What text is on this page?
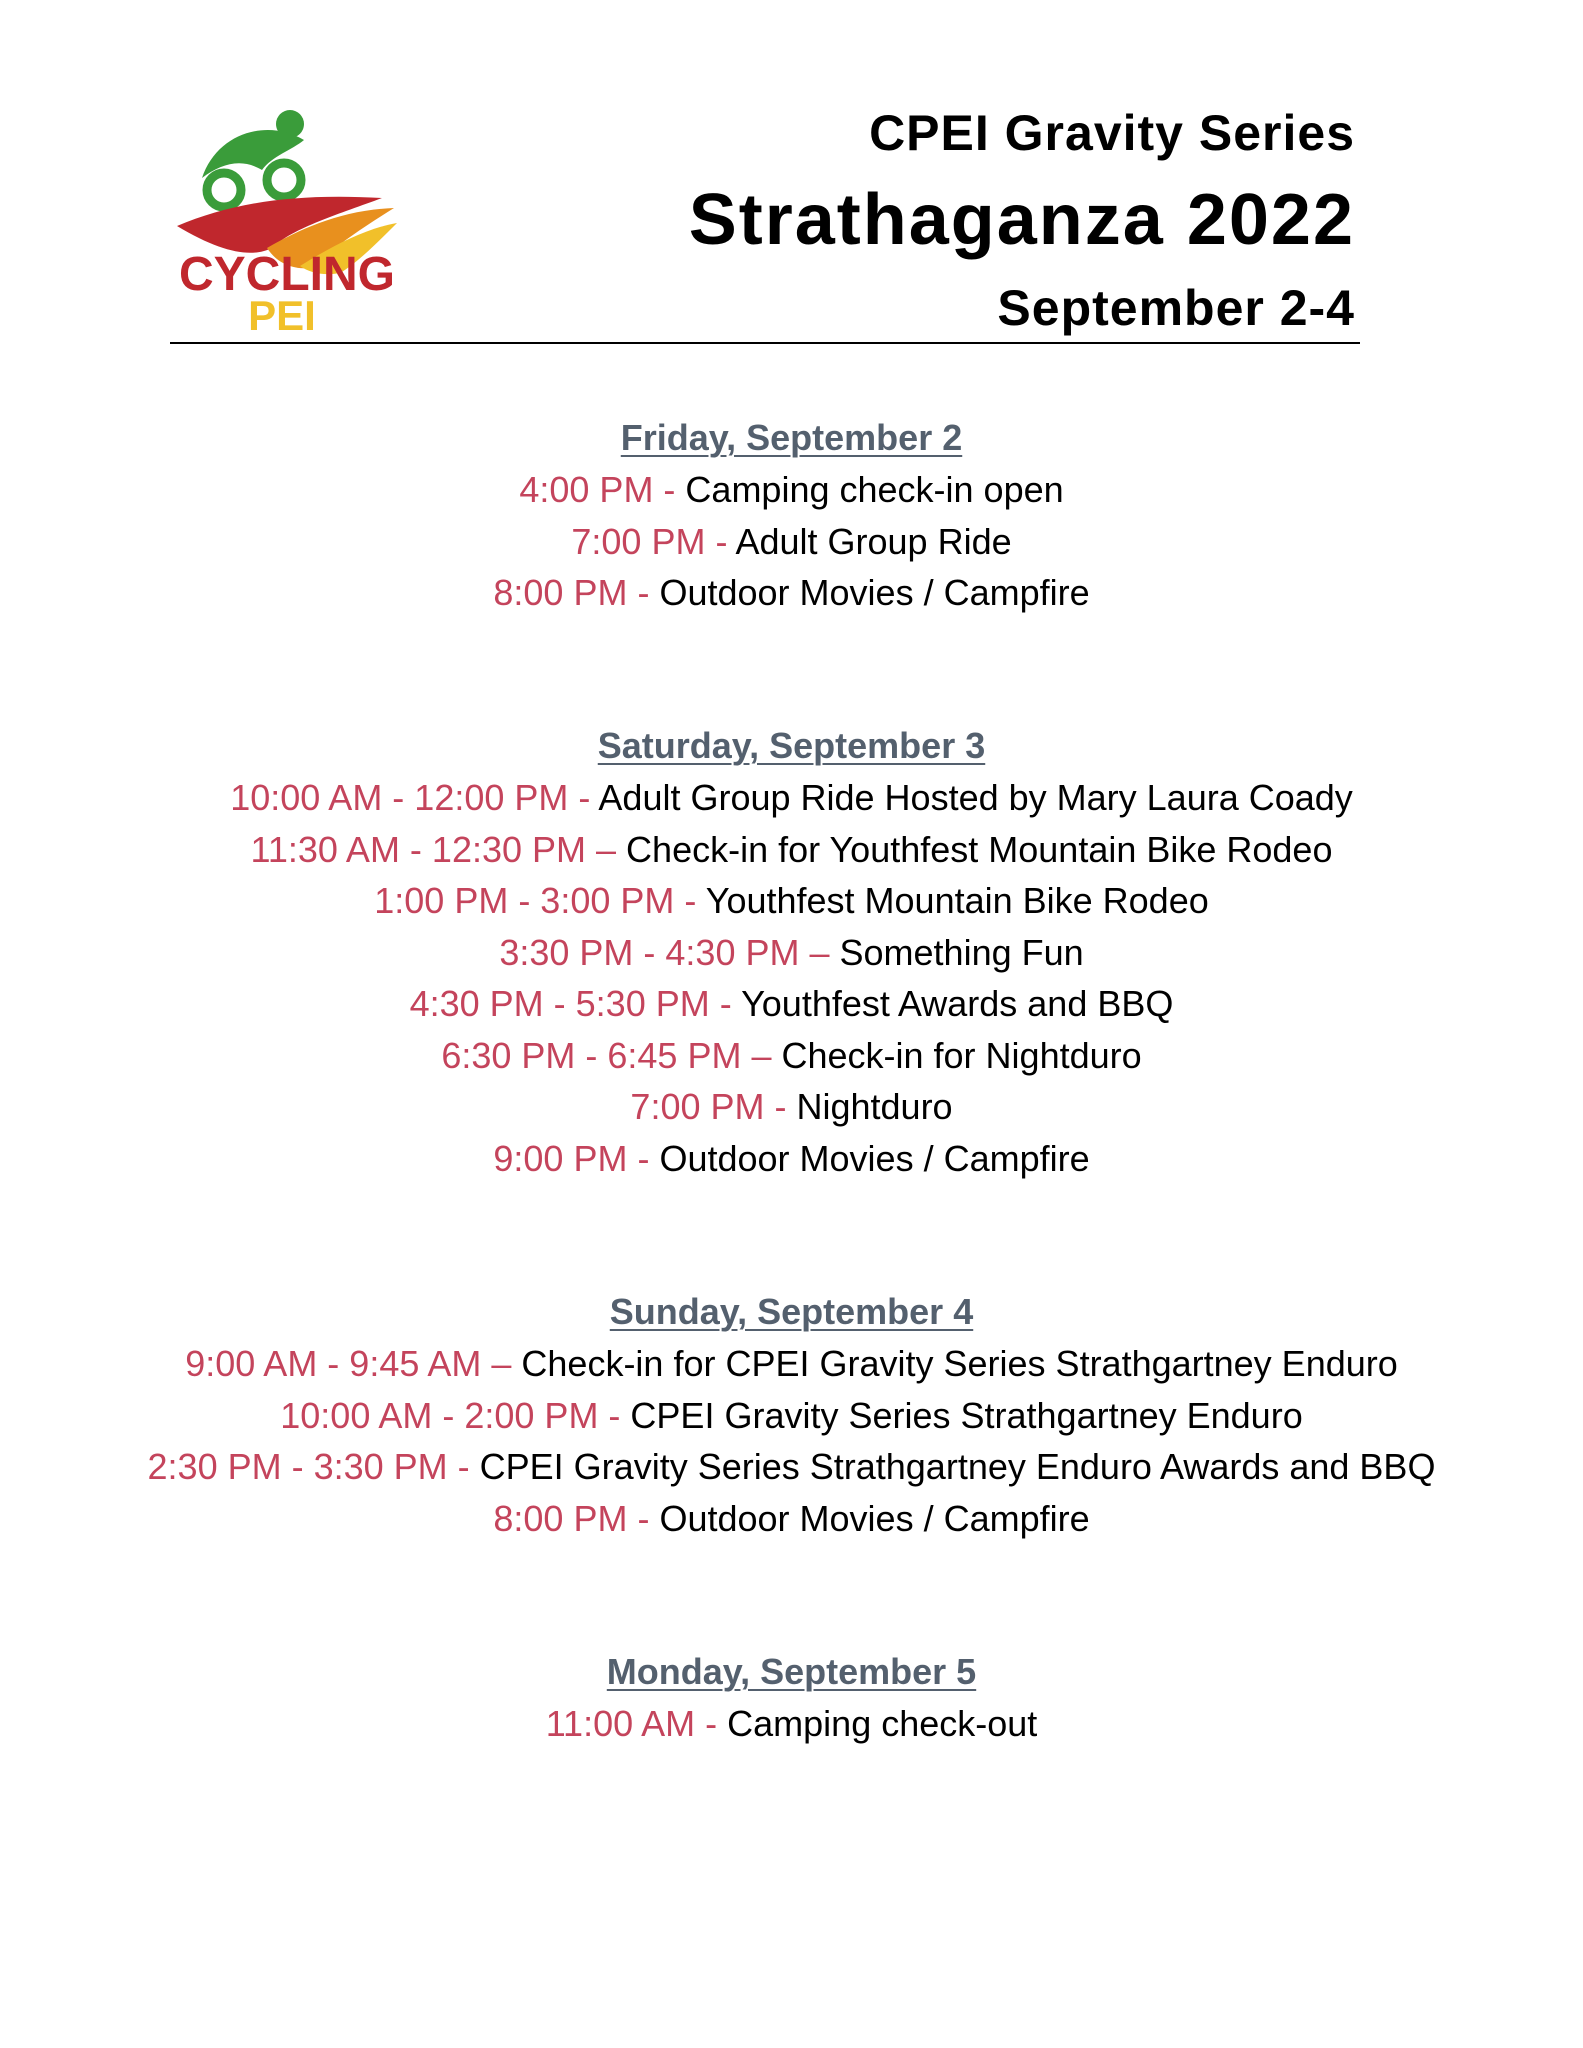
CYCLING
PEI
CPEI Gravity Series
Strathaganza 2022
September 2-4
Friday, September 2
4:00 PM - Camping check-in open
7:00 PM - Adult Group Ride
8:00 PM - Outdoor Movies / Campfire
Saturday, September 3
10:00 AM - 12:00 PM - Adult Group Ride Hosted by Mary Laura Coady
11:30 AM - 12:30 PM – Check-in for Youthfest Mountain Bike Rodeo
1:00 PM - 3:00 PM - Youthfest Mountain Bike Rodeo
3:30 PM - 4:30 PM – Something Fun
4:30 PM - 5:30 PM - Youthfest Awards and BBQ
6:30 PM - 6:45 PM – Check-in for Nightduro
7:00 PM - Nightduro
9:00 PM - Outdoor Movies / Campfire
Sunday, September 4
9:00 AM - 9:45 AM – Check-in for CPEI Gravity Series Strathgartney Enduro
10:00 AM - 2:00 PM - CPEI Gravity Series Strathgartney Enduro
2:30 PM - 3:30 PM - CPEI Gravity Series Strathgartney Enduro Awards and BBQ
8:00 PM - Outdoor Movies / Campfire
Monday, September 5
11:00 AM - Camping check-out
